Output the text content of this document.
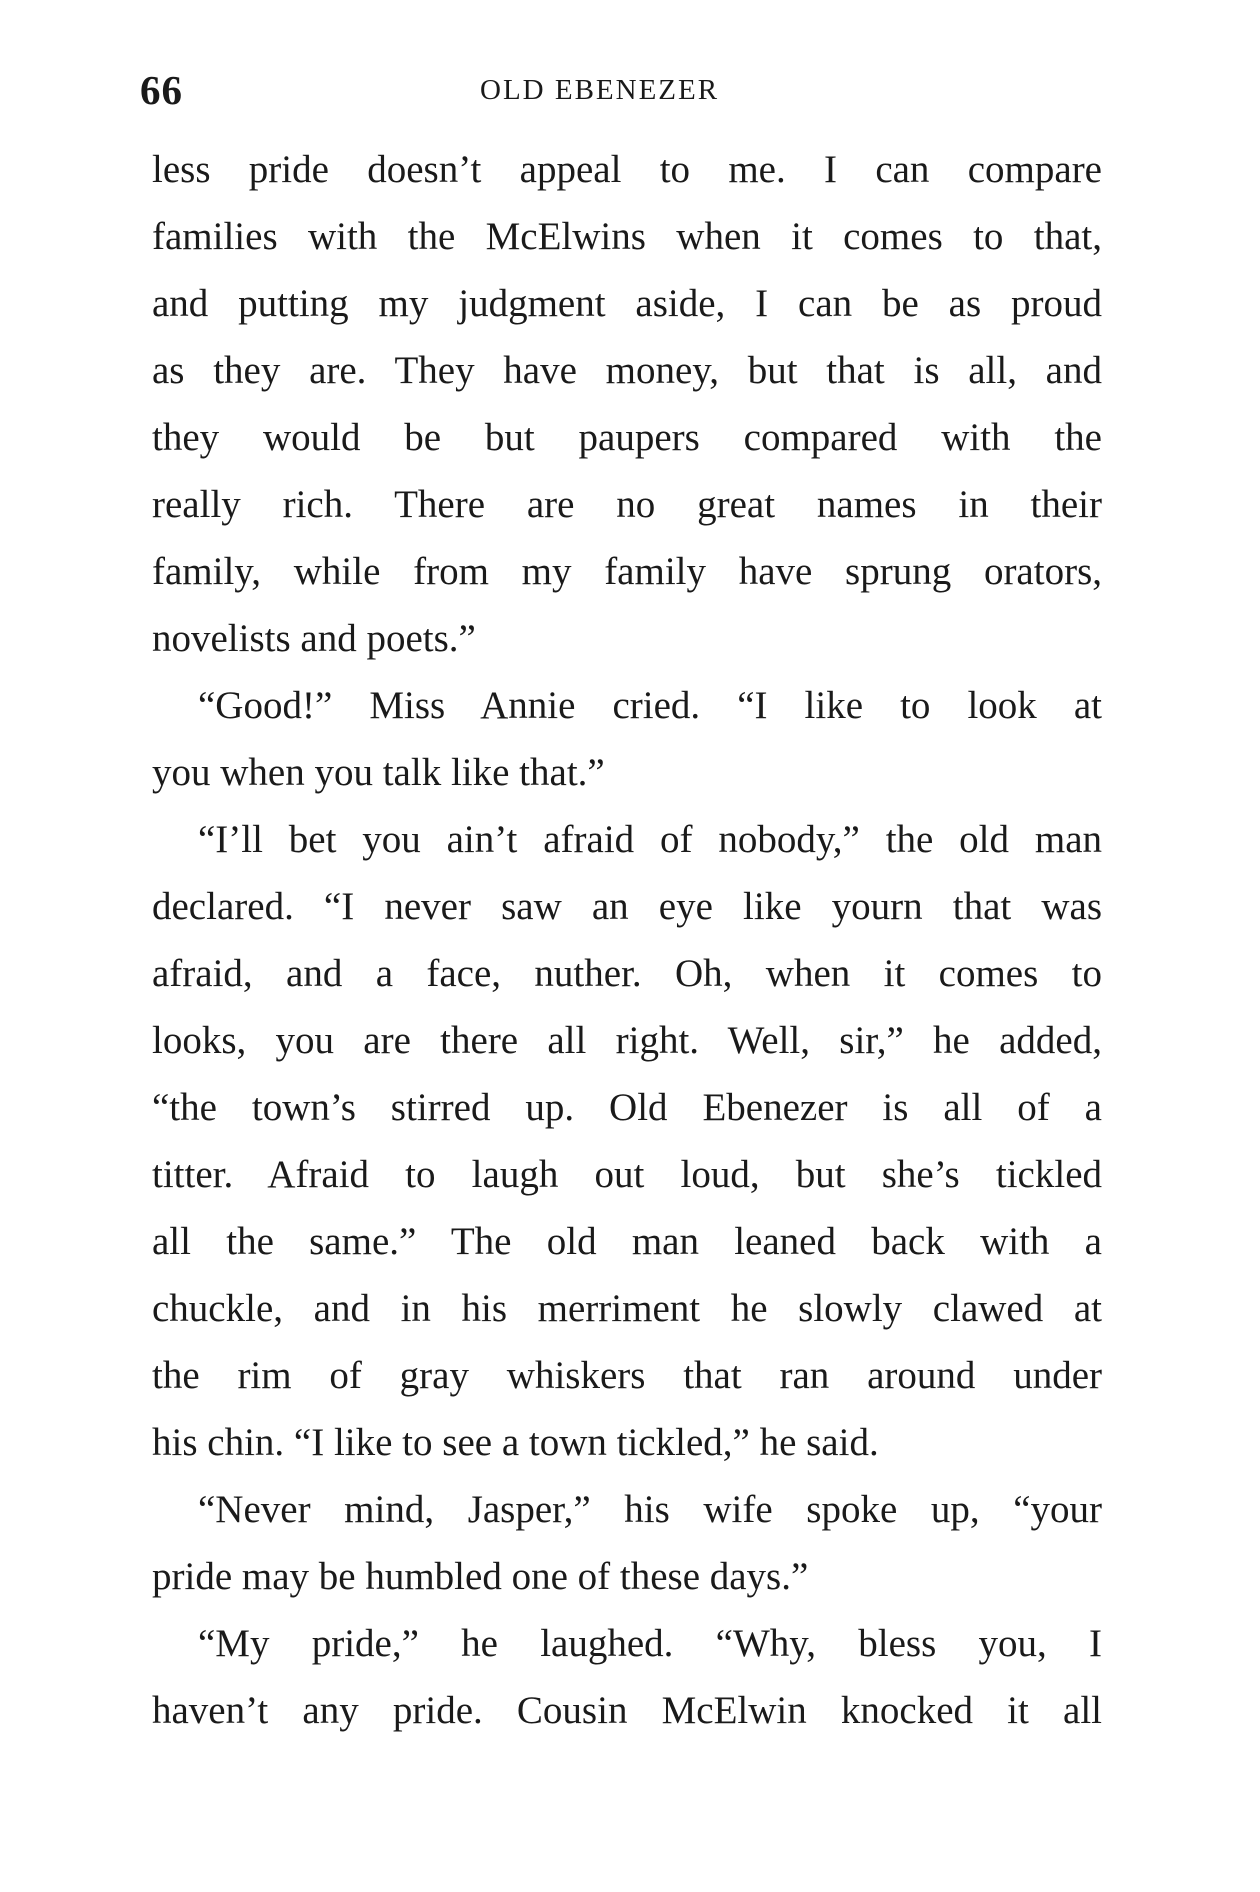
66	OLD EBENEZER
less pride doesn’t appeal to me. I can compare
families with the McElwins when it comes to that,
and putting my judgment aside, I can be as proud
as they are. They have money, but that is all, and
they would be but paupers compared with the
really rich. There are no great names in their
family, while from my family have sprung orators,
novelists and poets.”
“Good!” Miss Annie cried. “I like to look at
you when you talk like that.”
“I’ll bet you ain’t afraid of nobody,” the old man
declared. “I never saw an eye like yourn that was
afraid, and a face, nuther. Oh, when it comes to
looks, you are there all right. Well, sir,” he added,
“the town’s stirred up. Old Ebenezer is all of a
titter. Afraid to laugh out loud, but she’s tickled
all the same.” The old man leaned back with a
chuckle, and in his merriment he slowly clawed at
the rim of gray whiskers that ran around under
his chin. “I like to see a town tickled,” he said.
“Never mind, Jasper,” his wife spoke up, “your
pride may be humbled one of these days.”
“My pride,” he laughed. “Why, bless you, I
haven’t any pride. Cousin McElwin knocked it all
